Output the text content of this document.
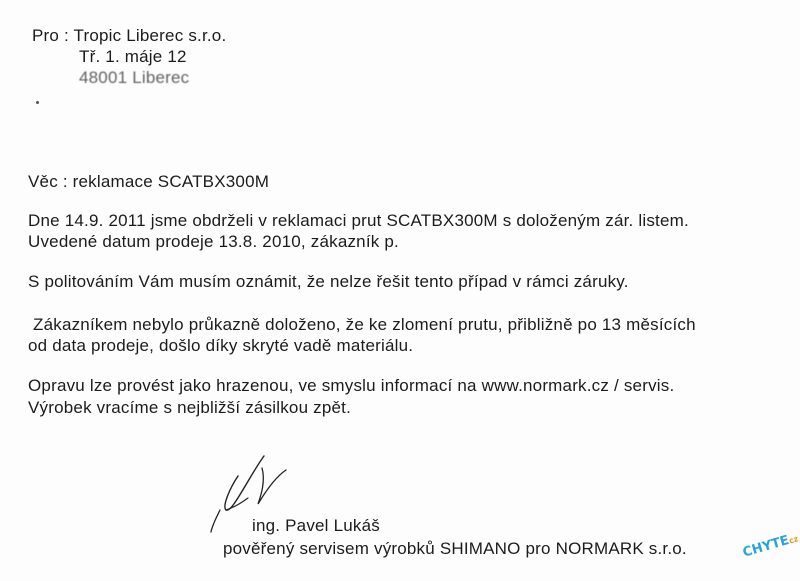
Pro : Tropic Liberec s.r.o.
Tř. 1. máje 12
48001 Liberec
Věc : reklamace SCATBX300M
Dne 14.9. 2011 jsme obdrželi v reklamaci prut SCATBX300M s doloženým zár. listem.
Uvedené datum prodeje 13.8. 2010, zákazník p.
S politováním Vám musím oznámit, že nelze řešit tento případ v rámci záruky.
Zákazníkem nebylo průkazně doloženo, že ke zlomení prutu, přibližně po 13 měsících
od data prodeje, došlo díky skryté vadě materiálu.
Opravu lze provést jako hrazenou, ve smyslu informací na www.normark.cz / servis.
Výrobek vracíme s nejbližší zásilkou zpět.
ing. Pavel Lukáš
pověřený servisem výrobků SHIMANO pro NORMARK s.r.o.	CHYTEcz
